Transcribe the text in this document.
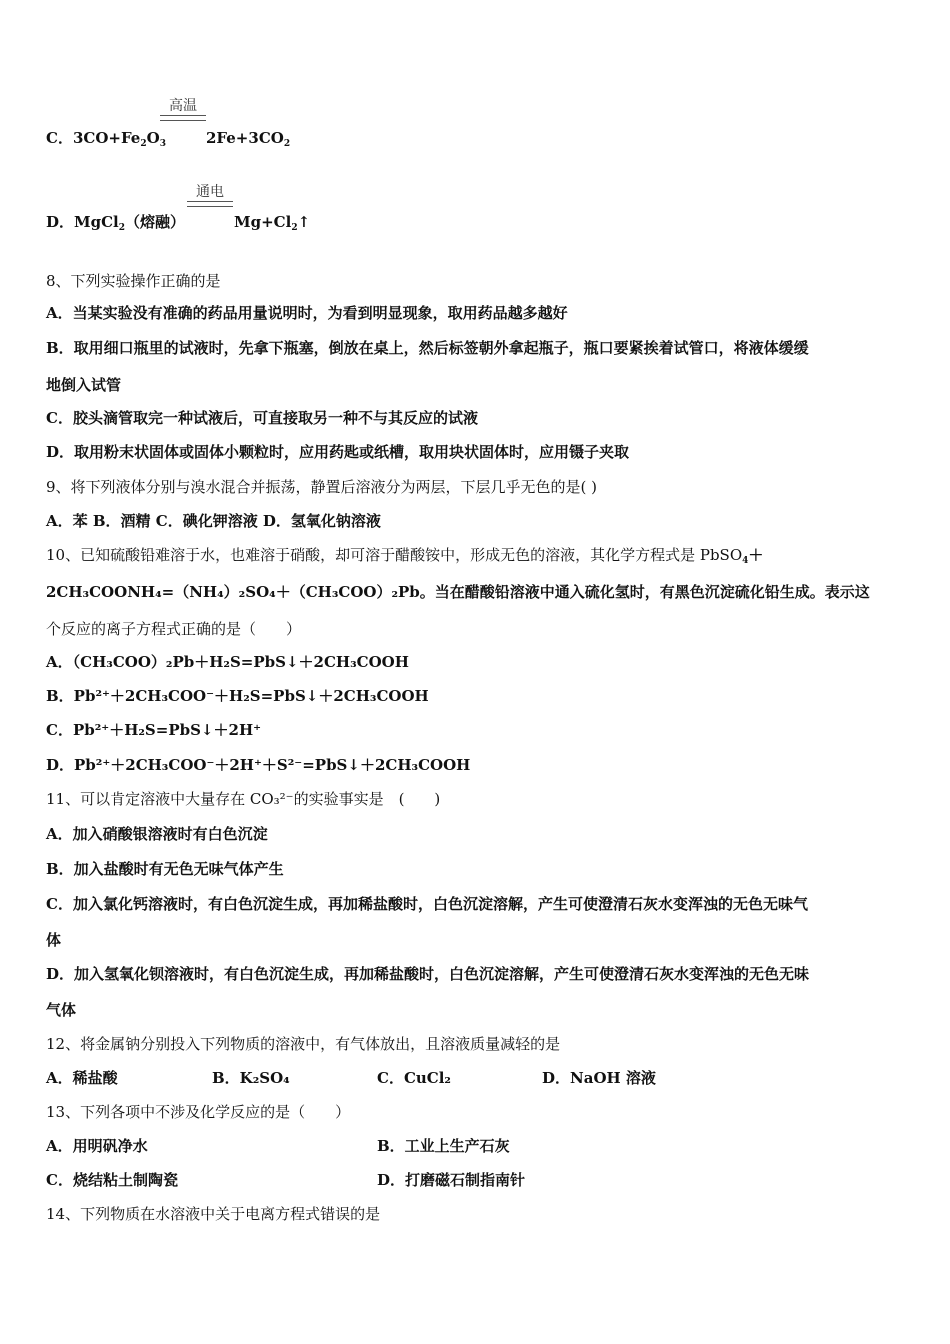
C．$3CO+Fe_2O_3$
高温
$2Fe+3CO_2$
D．MgCl$_2$（熔融）
通电
$Mg+Cl_2↑$
8、下列实验操作正确的是
A．当某实验没有准确的药品用量说明时，为看到明显现象，取用药品越多越好
B．取用细口瓶里的试液时，先拿下瓶塞，倒放在桌上，然后标签朝外拿起瓶子，瓶口要紧挨着试管口，将液体缓缓
地倒入试管
C．胶头滴管取完一种试液后，可直接取另一种不与其反应的试液
D．取用粉末状固体或固体小颗粒时，应用药匙或纸槽，取用块状固体时，应用镊子夹取
9、将下列液体分别与溴水混合并振荡，静置后溶液分为两层，下层几乎无色的是( )
A．苯 B．酒精 C．碘化钾溶液 D．氢氧化钠溶液
10、已知硫酸铅难溶于水，也难溶于硝酸，却可溶于醋酸铵中，形成无色的溶液，其化学方程式是 PbSO$_4$＋
2CH₃COONH₄=（NH₄）₂SO₄＋（CH₃COO）₂Pb。当在醋酸铅溶液中通入硫化氢时，有黑色沉淀硫化铅生成。表示这
个反应的离子方程式正确的是（　　）
A．（CH₃COO）₂Pb＋H₂S=PbS↓＋2CH₃COOH
B．Pb²⁺＋2CH₃COO⁻＋H₂S=PbS↓＋2CH₃COOH
C．Pb²⁺＋H₂S=PbS↓＋2H⁺
D．Pb²⁺＋2CH₃COO⁻＋2H⁺＋S²⁻=PbS↓＋2CH₃COOH
11、可以肯定溶液中大量存在 CO₃²⁻的实验事实是　(　　)
A．加入硝酸银溶液时有白色沉淀
B．加入盐酸时有无色无味气体产生
C．加入氯化钙溶液时，有白色沉淀生成，再加稀盐酸时，白色沉淀溶解，产生可使澄清石灰水变浑浊的无色无味气
体
D．加入氢氧化钡溶液时，有白色沉淀生成，再加稀盐酸时，白色沉淀溶解，产生可使澄清石灰水变浑浊的无色无味
气体
12、将金属钠分别投入下列物质的溶液中，有气体放出，且溶液质量减轻的是
A．稀盐酸	B．K₂SO₄	C．CuCl₂	D．NaOH 溶液
13、下列各项中不涉及化学反应的是（　　）
A．用明矾净水	B．工业上生产石灰
C．烧结粘土制陶瓷	D．打磨磁石制指南针
14、下列物质在水溶液中关于电离方程式错误的是
